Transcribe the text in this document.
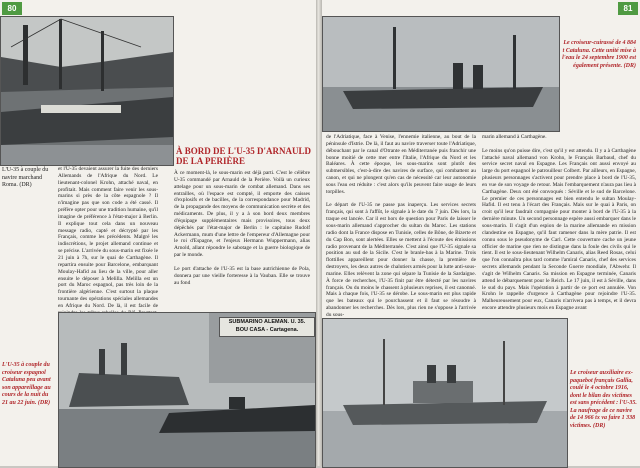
80
L'U-35 à couple du navire marchand Roma. (DR)
et l'U-35 devaient assurer la fuite des derniers Allemands de l'Afrique du Nord. Le lieutenant-colonel Krohn, attaché naval, en profitait. Mais comment faire venir les sous-marins si près de la côte espagnole ? Il n'imagine pas que son code a été cassé. Il préfère opter pour une tradition humaine, qu'il imagine de préférence à l'état-major à Berlin. Il explique tout cela dans un nouveau message radio, capté et décrypté par les Français, comme les précédents. Malgré les indiscrétions, le projet allemand continue et se précise. L'arrivée du sous-marin est fixée le 21 juin à 7h, sur le quai de Carthagène. Il repartira ensuite pour Barcelone, embarquant Moulay-Hafid au lieu de la ville, pour aller ensuite le déposer à Melilla. Melilla est un port du Maroc espagnol, pas très loin de la frontière algérienne. C'est surtout la plaque tournante des opérations spéciales allemandes en Afrique du Nord. De là, il est facile de
À BORD DE L'U-35 D'ARNAULD DE LA PERIÈRE
À ce moment-là, le sous-marin est déjà parti. C'est le célèbre U-35 commandé par Arnauld de la Perière. Voilà un curieux attelage pour un sous-marin de combat allemand. Dans ses entrailles, où l'espace est compté, il emporte des caisses d'explosifs et de bacilles, de la correspondance pour Madrid, de la propagande des moyens de communication secrète et des médicaments. De plus, il y a à son bord deux membres d'équipage supplémentaires mais provisoires, tous deux dépêchés par l'état-major de Berlin : le capitaine Rudolf Ackermann, mum d'une lettre de l'empereur d'Allemagne pour le roi d'Espagne, et l'enjeux Hermann Wuppermann, alias Arnold, allant répondre le sabotage et la guerre biologique de par le monde.

Le port d'attache de l'U-35 est la base autrichienne de Pola, donnera par une vieille forteresse à la Vauban. Elle se trouve au fond
SUBMARINO ALEMAN. U. 35.
BOU CASA - Cartagena.
L'U-35 à couple du croiseur espagnol Cataluna peu avant son appareillage au cours de la nuit du 21 au 22 juin. (DR)
81
Le croiseur-cuirassé de 4 884 t Cataluna. Cette unité mise à l'eau le 24 septembre 1900 est également présente. (DR)
de l'Adriatique, face à Venise, l'ennemie italienne, au bout de la péninsule d'Istrie. De là, il faut au navire traverser toute l'Adriatique, débouchant par le canal d'Otrante en Méditerranée puis franchir une bonne moitié de cette mer entre l'Italie, l'Afrique du Nord et les Baléares. À cette époque, les sous-marins sont plutôt des submersibles, c'est-à-dire des navires de surface, qui combattent au canon, et qui ne plongent qu'en cas de nécessité car leur autonomie sous l'eau est réduite : c'est alors qu'ils peuvent faire usage de leurs torpilles.

Le départ de l'U-35 ne passe pas inaperçu. Les services secrets français, qui sont à l'affût, le signale à le date du 7 juin. Dès lors, la traque est lancée. Car il est hors de question pour Paris de laisser le sous-marin allemand s'approcher du sultan du Maroc. Les stations radio dont la France dispose en Tunisie, celles de Bône, de Bizerte et du Cap Bon, sont alertées. Elles se mettent à l'écoute des émissions radio provenant de la Méditerranée. C'est ainsi que l'U-35 signale sa position au sud de la Sicile. C'est le branle-bas à la Marine. Trois flottilles appareillent pour donner la chasse, la première de destroyers, les deux autres de chalutiers armés pour la lutte anti-sous-marine. Elles relèvent la zone qui sépare la Tunisie de la Sardaigne. À force de recherches, l'U-35 finit par être détecté par les navires français. Ou du moins le chassent à plusieurs reprises, il est canonné. Mais à chaque fois, l'U-35 se dérobe. Le sous-marin est plus rapide que les bateaux qui le pourchassent et il faut se résoudre à abandonner les recherches. Dès lors, plus rien ne s'oppose à l'arrivée du sous-
marin allemand à Carthagène.

Le moins qu'on puisse dire, c'est qu'il y est attendu. Il y a à Carthagène l'attaché naval allemand von Krohn, le Français Barbaud, chef du service secret naval en Espagne. Les Français ont aussi envoyé au large du port espagnol le patrouilleur Colbert. Par ailleurs, en Espagne, plusieurs personnages s'activent pour prendre place à bord de l'U-35, en vue de son voyage de retour. Mais l'embarquement n'aura pas lieu à Carthagène. Deux ont été convoqués : Séville et le sud de Barcelone. Le premier de ces personnages est bien entendu le sultan Moulay-Hafid. Il est tenu à l'écart des Français. Mais sur le quai à Paris, on croit qu'il leur faudrait compagnie pour monter à bord de l'U-35 à la dernière minute. Un second personnage espère aussi embarquer dans le sous-marin. Il s'agit d'un espion de la marine allemande en mission clandestine en Espagne, qu'il faut ramener dans la mère patrie. Il est connu sous le pseudonyme de Carl. Cette couverture cache un jeune officier de marine que rien ne distingue dans la foule des civils qui le tient. Il est le sous-lieutenant Wilhelm Canaris, alias Reed Rosas, celui que l'on connaîtra plus tard comme l'amiral Canaris, chef des services secrets allemands pendant la Seconde Guerre mondiale, l'Abwehr. Il s'agit de Wilhelm Canaris. Sa mission en Espagne terminée, Canaris attend le débarquement pour le Reich. Le 17 juin, il est à Séville, dans le sud du pays. Mais l'opération à partir de ce port est annulée. Von Krohn le rappelle d'urgence à Carthagène pour rejoindre l'U-35. Malheureusement pour eux, Canaris n'arrivera pas à temps, et il devra encore attendre plusieurs mois en Espagne avant
Le croiseur auxiliaire ex-paquebot français Gallia, coulé le 4 octobre 1916, dont le bilan des victimes est sans précédent : l'U-35. La naufrage de ce navire de 14 966 tx va faire 1 338 victimes. (DR)
